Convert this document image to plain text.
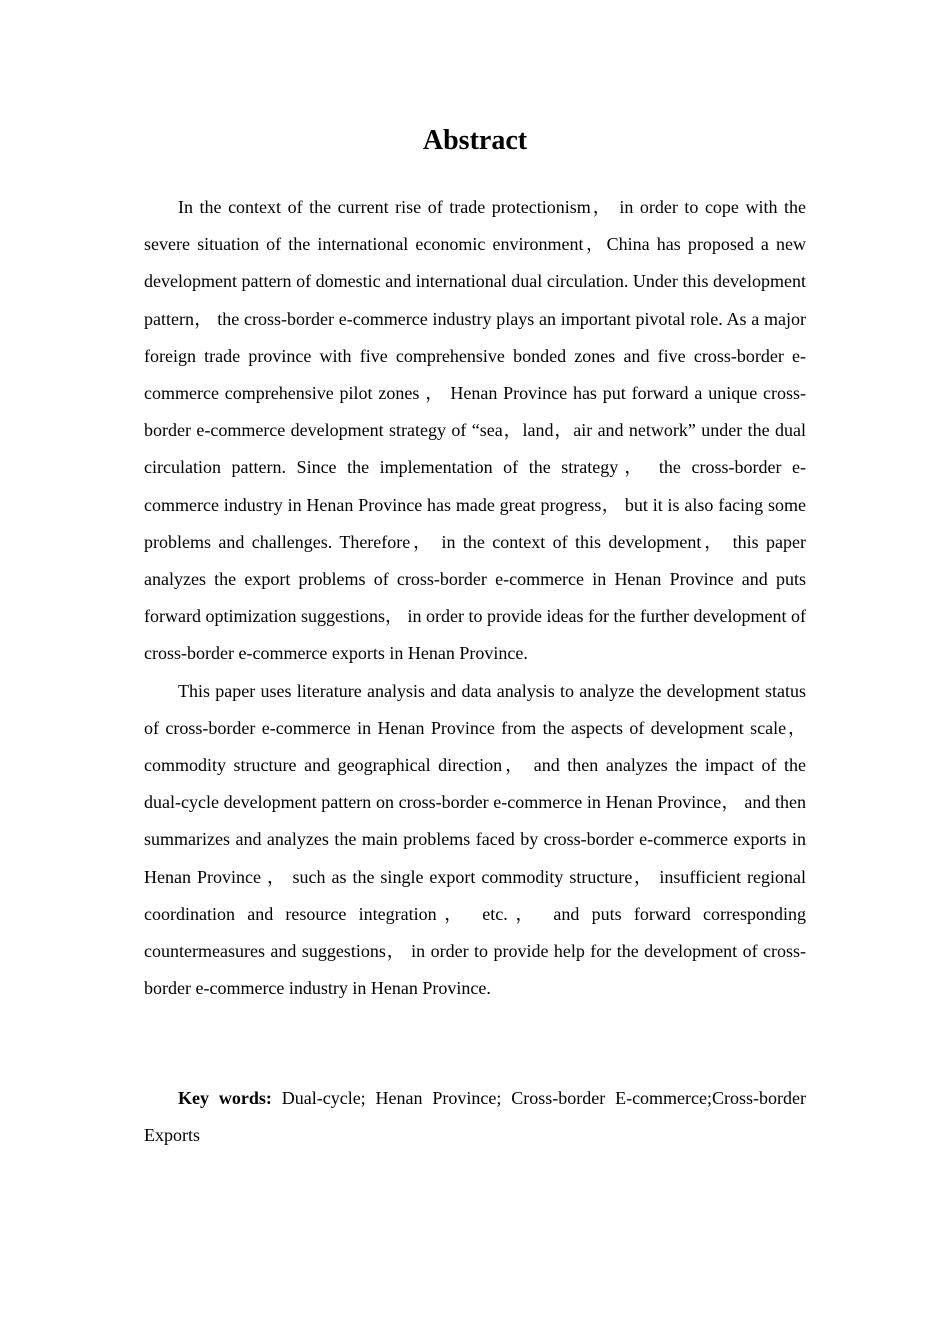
Abstract

In the context of the current rise of trade protectionism， in order to cope with the severe situation of the international economic environment，China has proposed a new development pattern of domestic and international dual circulation. Under this development pattern， the cross-border e-commerce industry plays an important pivotal role. As a major foreign trade province with five comprehensive bonded zones and five cross-border e-commerce comprehensive pilot zones ， Henan Province has put forward a unique cross-border e-commerce development strategy of “sea，land，air and network” under the dual circulation pattern. Since the implementation of the strategy， the cross-border e-commerce industry in Henan Province has made great progress， but it is also facing some problems and challenges. Therefore， in the context of this development， this paper analyzes the export problems of cross-border e-commerce in Henan Province and puts forward optimization suggestions， in order to provide ideas for the further development of cross-border e-commerce exports in Henan Province.

This paper uses literature analysis and data analysis to analyze the development status of cross-border e-commerce in Henan Province from the aspects of development scale， commodity structure and geographical direction， and then analyzes the impact of the dual-cycle development pattern on cross-border e-commerce in Henan Province， and then summarizes and analyzes the main problems faced by cross-border e-commerce exports in Henan Province ， such as the single export commodity structure， insufficient regional coordination and resource integration， etc.， and puts forward corresponding countermeasures and suggestions， in order to provide help for the development of cross-border e-commerce industry in Henan Province.

Key words: Dual-cycle; Henan Province; Cross-border E-commerce;Cross-border Exports
